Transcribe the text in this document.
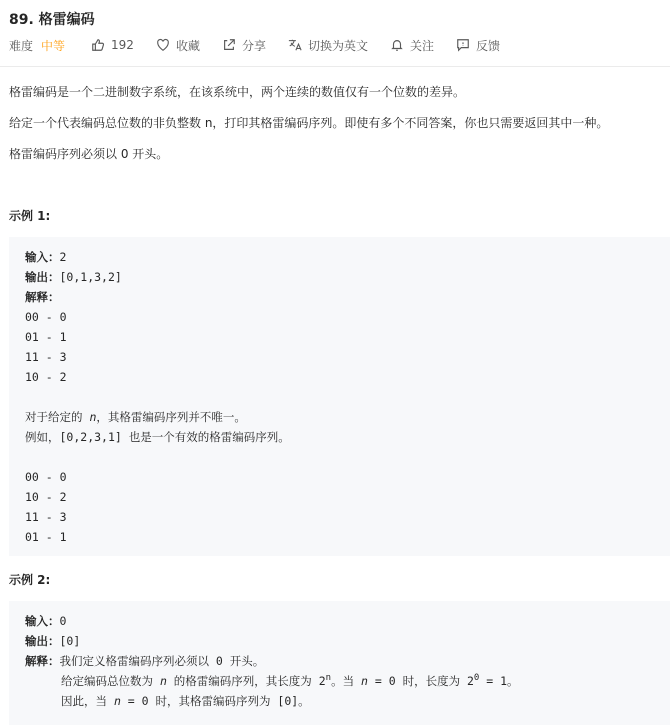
89. 格雷编码
难度 中等	192	收藏	分享	切换为英文	关注	反馈
格雷编码是一个二进制数字系统，在该系统中，两个连续的数值仅有一个位数的差异。
给定一个代表编码总位数的非负整数 n，打印其格雷编码序列。即使有多个不同答案，你也只需要返回其中一种。
格雷编码序列必须以 0 开头。
示例 1:
输入：2
输出：[0,1,3,2]
解释：
00 - 0
01 - 1
11 - 3
10 - 2

对于给定的 n，其格雷编码序列并不唯一。
例如，[0,2,3,1] 也是一个有效的格雷编码序列。

00 - 0
10 - 2
11 - 3
01 - 1
示例 2:
输入：0
输出：[0]
解释：我们定义格雷编码序列必须以 0 开头。
给定编码总位数为 n 的格雷编码序列，其长度为 2$^n$。当 n = 0 时，长度为 $2^0 = 1$。
因此，当 n = 0 时，其格雷编码序列为 [0]。
